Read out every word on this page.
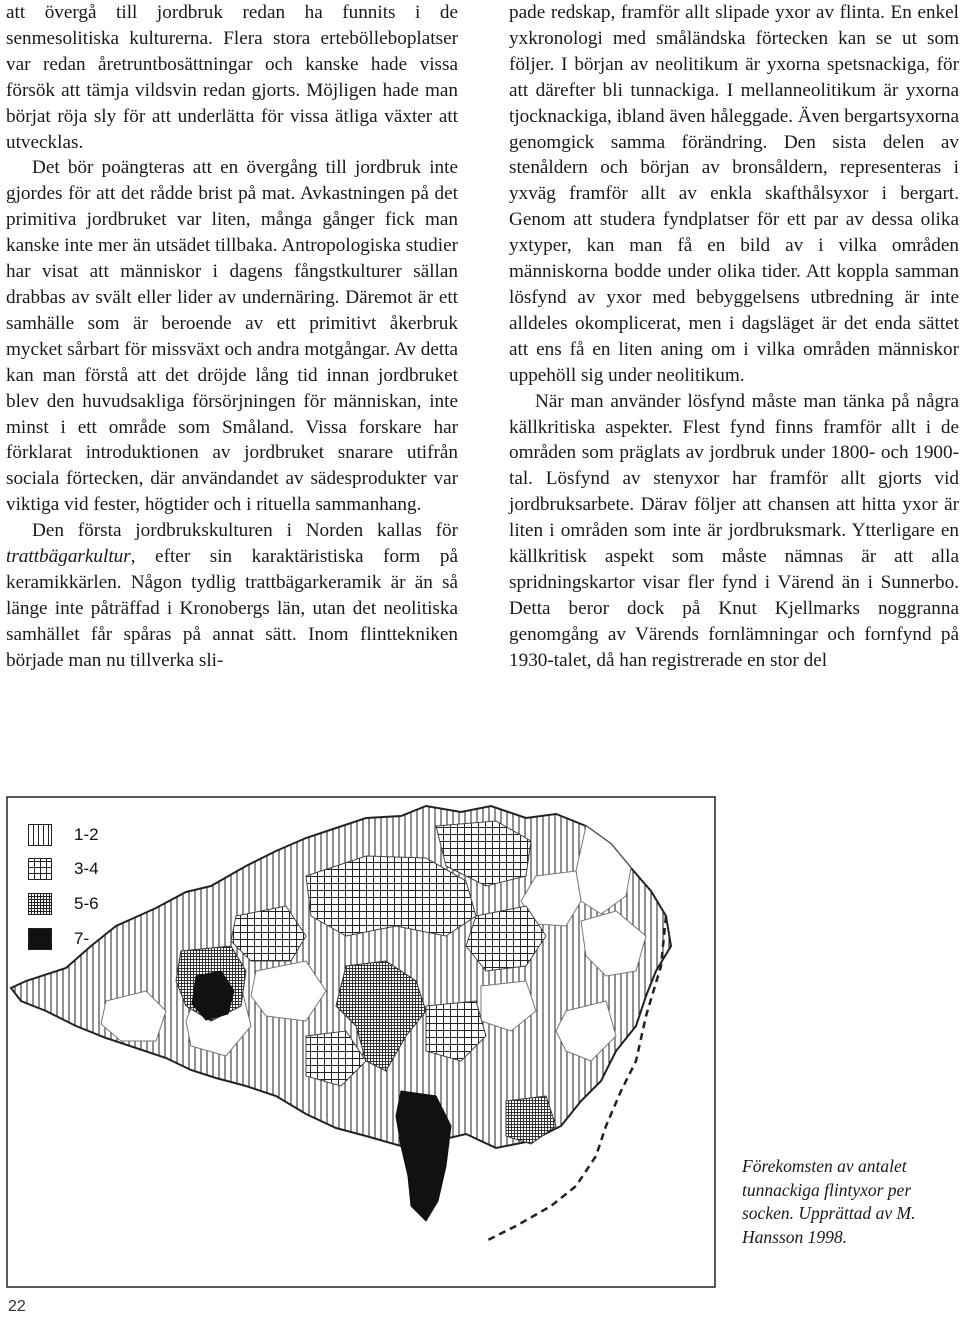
att övergå till jordbruk redan ha funnits i de senmesolitiska kulturerna. Flera stora ertebölleboplatser var redan åretruntbosättningar och kanske hade vissa försök att tämja vildsvin redan gjorts. Möjligen hade man börjat röja sly för att underlätta för vissa ätliga växter att utvecklas.

Det bör poängteras att en övergång till jordbruk inte gjordes för att det rådde brist på mat. Avkastningen på det primitiva jordbruket var liten, många gånger fick man kanske inte mer än utsädet tillbaka. Antropologiska studier har visat att människor i dagens fångstkulturer sällan drabbas av svält eller lider av undernäring. Däremot är ett samhälle som är beroende av ett primitivt åkerbruk mycket sårbart för missväxt och andra motgångar. Av detta kan man förstå att det dröjde lång tid innan jordbruket blev den huvudsakliga försörjningen för människan, inte minst i ett område som Småland. Vissa forskare har förklarat introduktionen av jordbruket snarare utifrån sociala förtecken, där användandet av sädesprodukter var viktiga vid fester, högtider och i rituella sammanhang.

Den första jordbrukskulturen i Norden kallas för trattbägarkultur, efter sin karaktäristiska form på keramikkärlen. Någon tydlig trattbägarkeramik är än så länge inte påträffad i Kronobergs län, utan det neolitiska samhället får spåras på annat sätt. Inom flinttekniken började man nu tillverka sli-

pade redskap, framför allt slipade yxor av flinta. En enkel yxkronologi med småländska förtecken kan se ut som följer. I början av neolitikum är yxorna spetsnackiga, för att därefter bli tunnackiga. I mellanneolitikum är yxorna tjocknackiga, ibland även håleggade. Även bergartsyxorna genomgick samma förändring. Den sista delen av stenåldern och början av bronsåldern, representeras i yxväg framför allt av enkla skafthålsyxor i bergart. Genom att studera fyndplatser för ett par av dessa olika yxtyper, kan man få en bild av i vilka områden människorna bodde under olika tider. Att koppla samman lösfynd av yxor med bebyggelsens utbredning är inte alldeles okomplicerat, men i dagsläget är det enda sättet att ens få en liten aning om i vilka områden människor uppehöll sig under neolitikum.

När man använder lösfynd måste man tänka på några källkritiska aspekter. Flest fynd finns framför allt i de områden som präglats av jordbruk under 1800- och 1900-tal. Lösfynd av stenyxor har framför allt gjorts vid jordbruksarbete. Därav följer att chansen att hitta yxor är liten i områden som inte är jordbruksmark. Ytterligare en källkritisk aspekt som måste nämnas är att alla spridningskartor visar fler fynd i Värend än i Sunnerbo. Detta beror dock på Knut Kjellmarks noggranna genomgång av Värends fornlämningar och fornfynd på 1930-talet, då han registrerade en stor del

1-2
3-4
5-6
7-
Förekomsten av antalet tunnackiga flintyxor per socken. Upprättad av M. Hansson 1998.
22
